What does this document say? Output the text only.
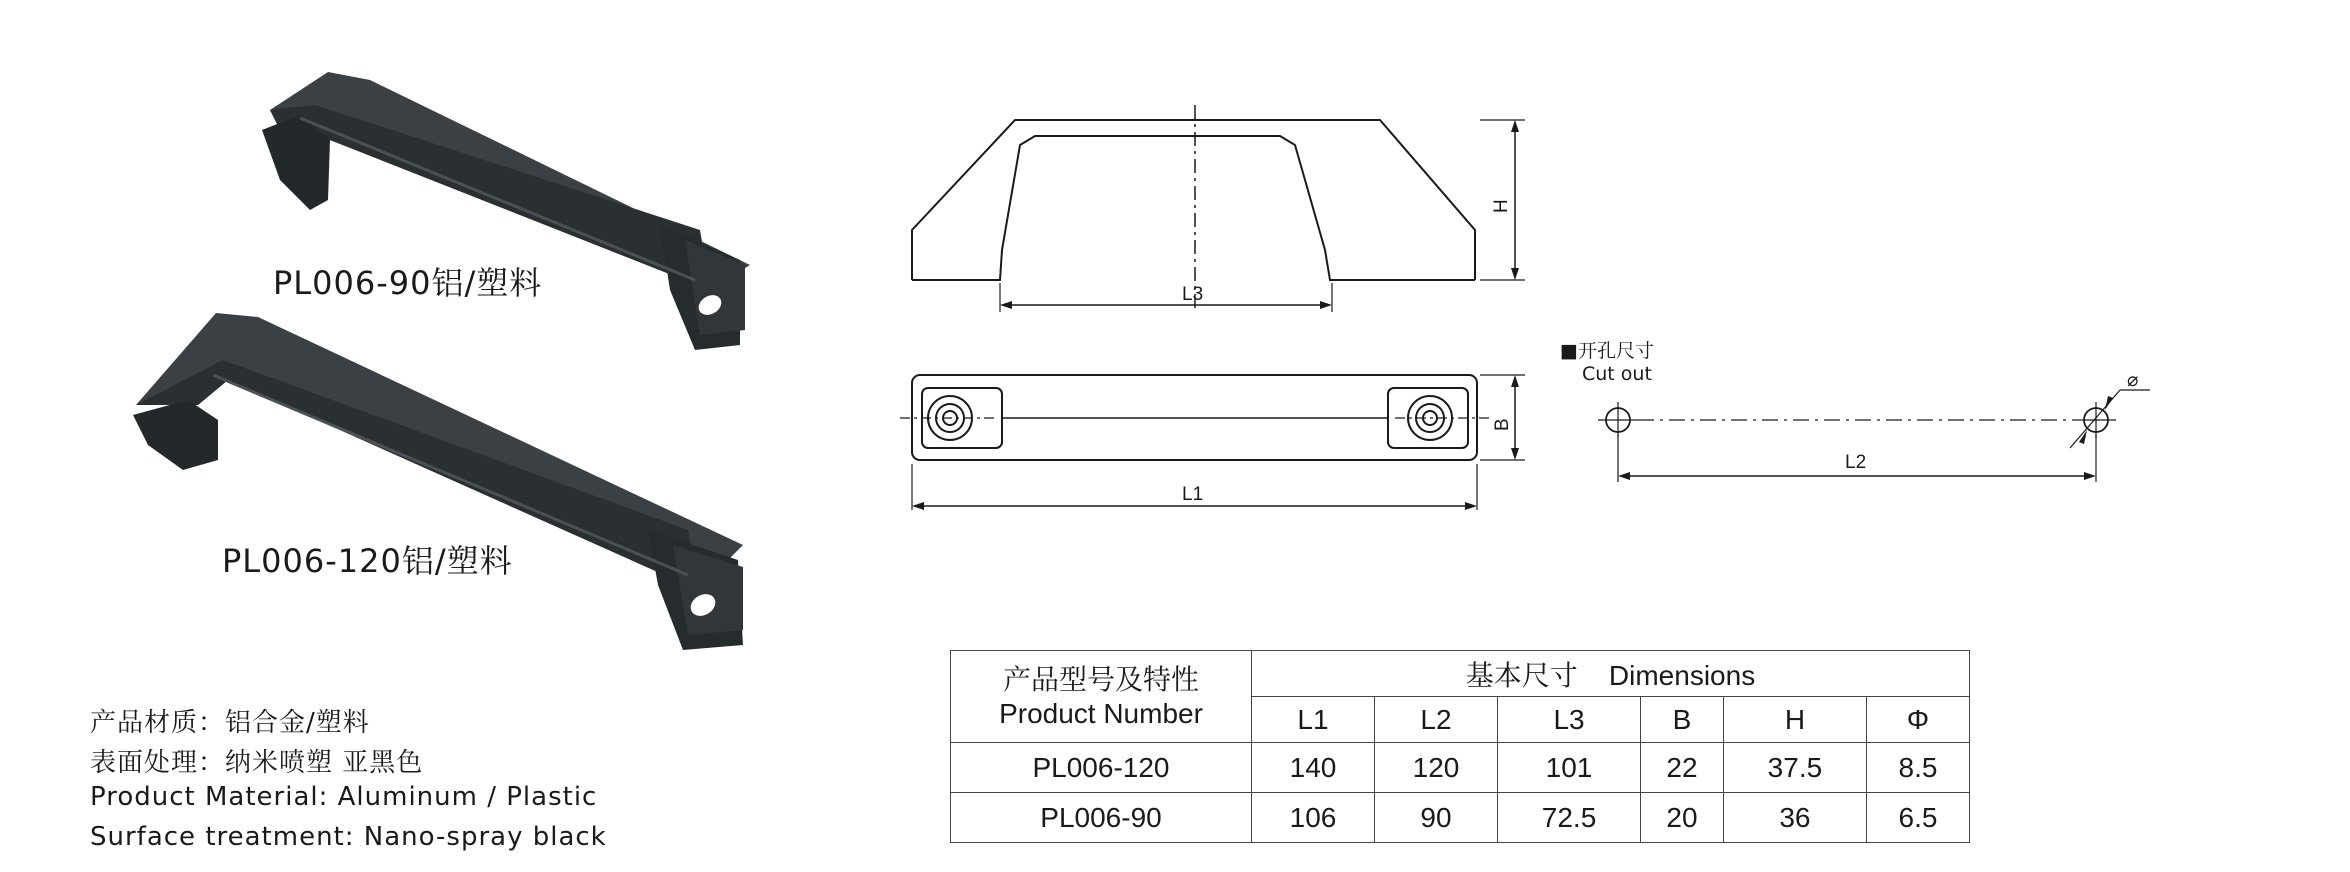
PL006-90铝/塑料
PL006-120铝/塑料
产品材质：铝合金/塑料
表面处理：纳米喷塑 亚黑色
Product Material: Aluminum / Plastic
Surface treatment: Nano-spray black
H
L3
B
L1
■开孔尺寸
Cut out
L2
⌀
产品型号及特性
Product Number	基本尺寸    Dimensions					
	L1	L2	L3	B	H	Φ
PL006-120	140	120	101	22	37.5	8.5
PL006-90	106	90	72.5	20	36	6.5
